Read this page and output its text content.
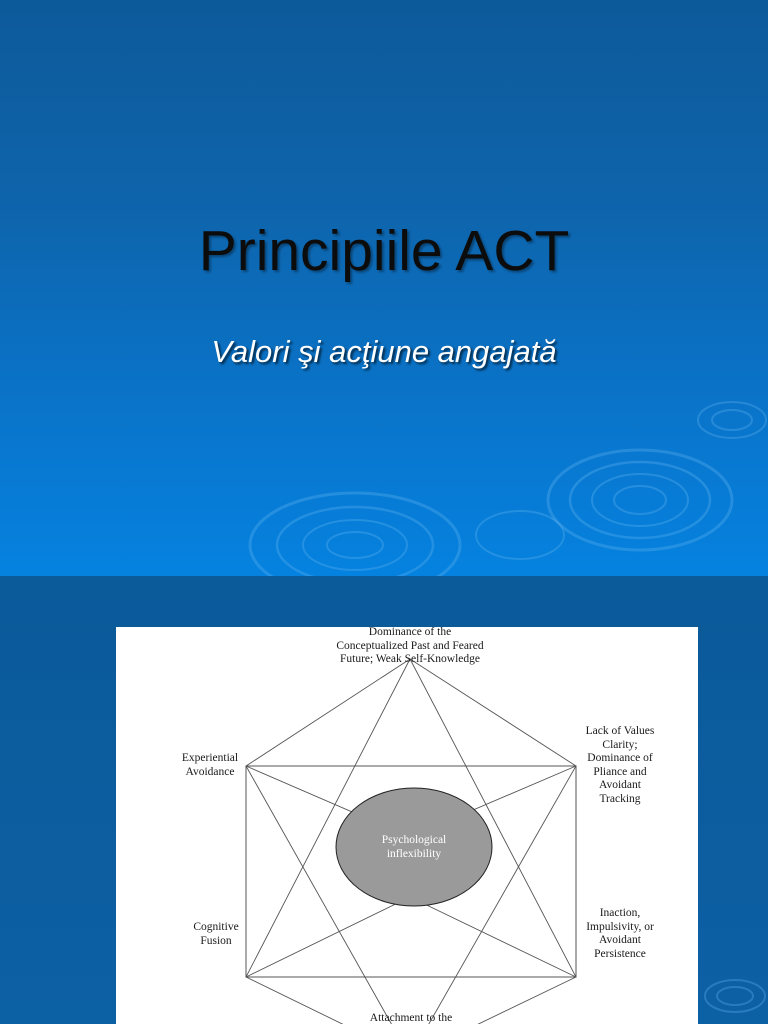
Principiile ACT
Valori şi acţiune angajată
Psychological
inflexibility
Dominance of the
Conceptualized Past and Feared
Future; Weak Self-Knowledge
Experiential
Avoidance
Lack of Values
Clarity;
Dominance of
Pliance and
Avoidant
Tracking
Cognitive
Fusion
Inaction,
Impulsivity, or
Avoidant
Persistence
Attachment to the
